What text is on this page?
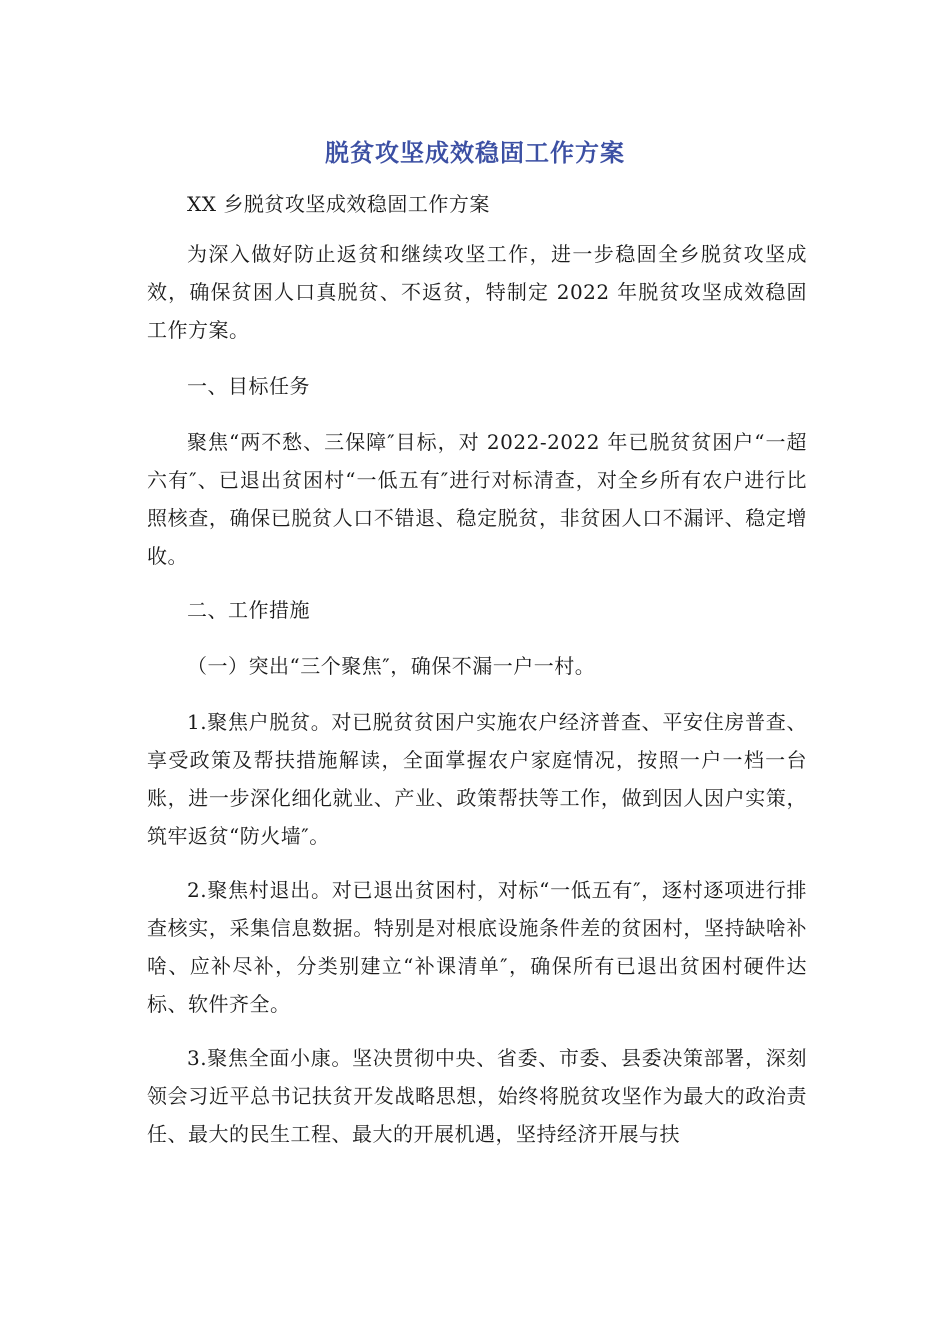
脱贫攻坚成效稳固工作方案
XX 乡脱贫攻坚成效稳固工作方案
为深入做好防止返贫和继续攻坚工作，进一步稳固全乡脱贫攻坚成效，确保贫困人口真脱贫、不返贫，特制定 2022 年脱贫攻坚成效稳固工作方案。
一、目标任务
聚焦“两不愁、三保障″目标，对 2022-2022 年已脱贫贫困户“一超六有″、已退出贫困村“一低五有″进行对标清查，对全乡所有农户进行比照核查，确保已脱贫人口不错退、稳定脱贫，非贫困人口不漏评、稳定增收。
二、工作措施
（一）突出“三个聚焦″，确保不漏一户一村。
1.聚焦户脱贫。对已脱贫贫困户实施农户经济普查、平安住房普查、享受政策及帮扶措施解读，全面掌握农户家庭情况，按照一户一档一台账，进一步深化细化就业、产业、政策帮扶等工作，做到因人因户实策，筑牢返贫“防火墙″。
2.聚焦村退出。对已退出贫困村，对标“一低五有″，逐村逐项进行排查核实，采集信息数据。特别是对根底设施条件差的贫困村，坚持缺啥补啥、应补尽补，分类别建立“补课清单″，确保所有已退出贫困村硬件达标、软件齐全。
3.聚焦全面小康。坚决贯彻中央、省委、市委、县委决策部署，深刻领会习近平总书记扶贫开发战略思想，始终将脱贫攻坚作为最大的政治责任、最大的民生工程、最大的开展机遇，坚持经济开展与扶
